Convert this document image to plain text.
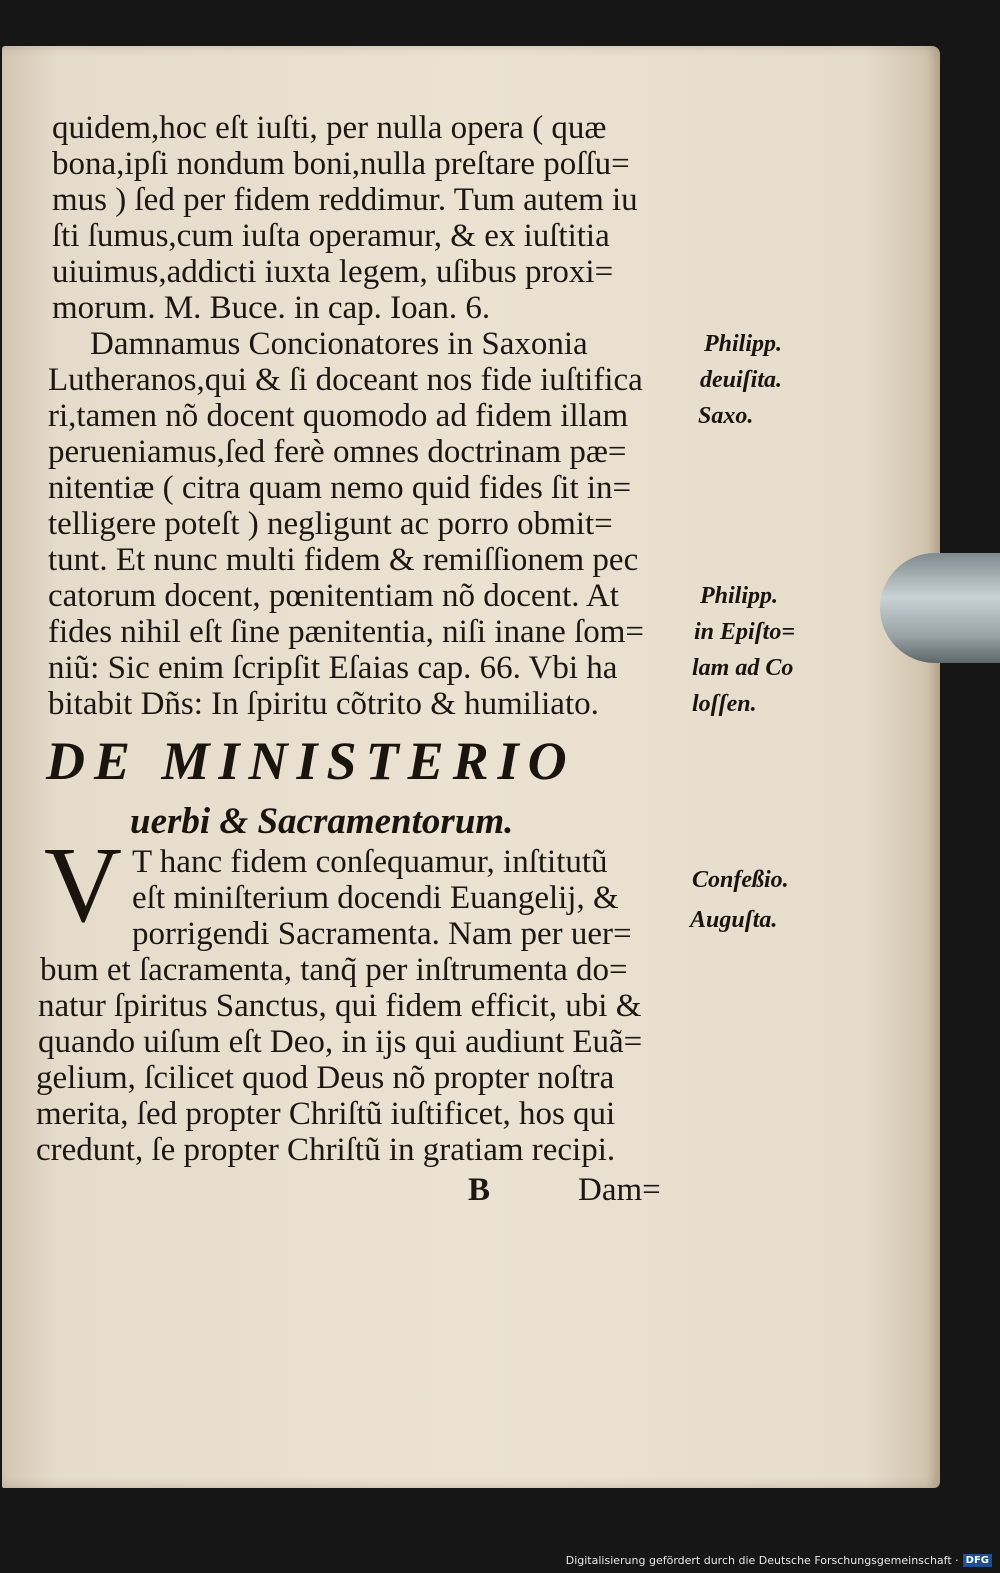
quidem,hoc eſt iuſti, per nulla opera ( quæ

bona,ipſi nondum boni,nulla preſtare poſſu=

mus ) ſed per fidem reddimur. Tum autem iu

ſti ſumus,cum iuſta operamur, & ex iuſtitia

uiuimus,addicti iuxta legem, uſibus proxi=

morum. M. Buce. in cap. Ioan. 6.

Damnamus Concionatores in Saxonia

Lutheranos,qui & ſi doceant nos fide iuſtifica

ri,tamen nõ docent quomodo ad fidem illam

perueniamus,ſed ferè omnes doctrinam pæ=

nitentiæ ( citra quam nemo quid fides ſit in=

telligere poteſt ) negligunt ac porro obmit=

tunt. Et nunc multi fidem & remiſſionem pec

catorum docent, pœnitentiam nõ docent. At

fides nihil eſt ſine pænitentia, niſi inane ſom=

niũ: Sic enim ſcripſit Eſaias cap. 66. Vbi ha

bitabit Dñs: In ſpiritu cõtrito & humiliato.

T hanc fidem conſequamur, inſtitutũ

eſt miniſterium docendi Euangelij, &

porrigendi Sacramenta. Nam per uer=

bum et ſacramenta, tanq̃ per inſtrumenta do=

natur ſpiritus Sanctus, qui fidem efficit, ubi &

quando uiſum eſt Deo, in ijs qui audiunt Euã=

gelium, ſcilicet quod Deus nõ propter noſtra

merita, ſed propter Chriſtũ iuſtificet, hos qui

credunt, ſe propter Chriſtũ in gratiam recipi.

Philipp.

deuiſita.

Saxo.

Philipp.

in Epiſto=

lam ad Co

loſſen.

Confeßio.

Auguſta.

V
DE MINISTERIO
uerbi & Sacramentorum.
B	Dam=
Digitalisierung gefördert durch die Deutsche Forschungsgemeinschaft · DFG
